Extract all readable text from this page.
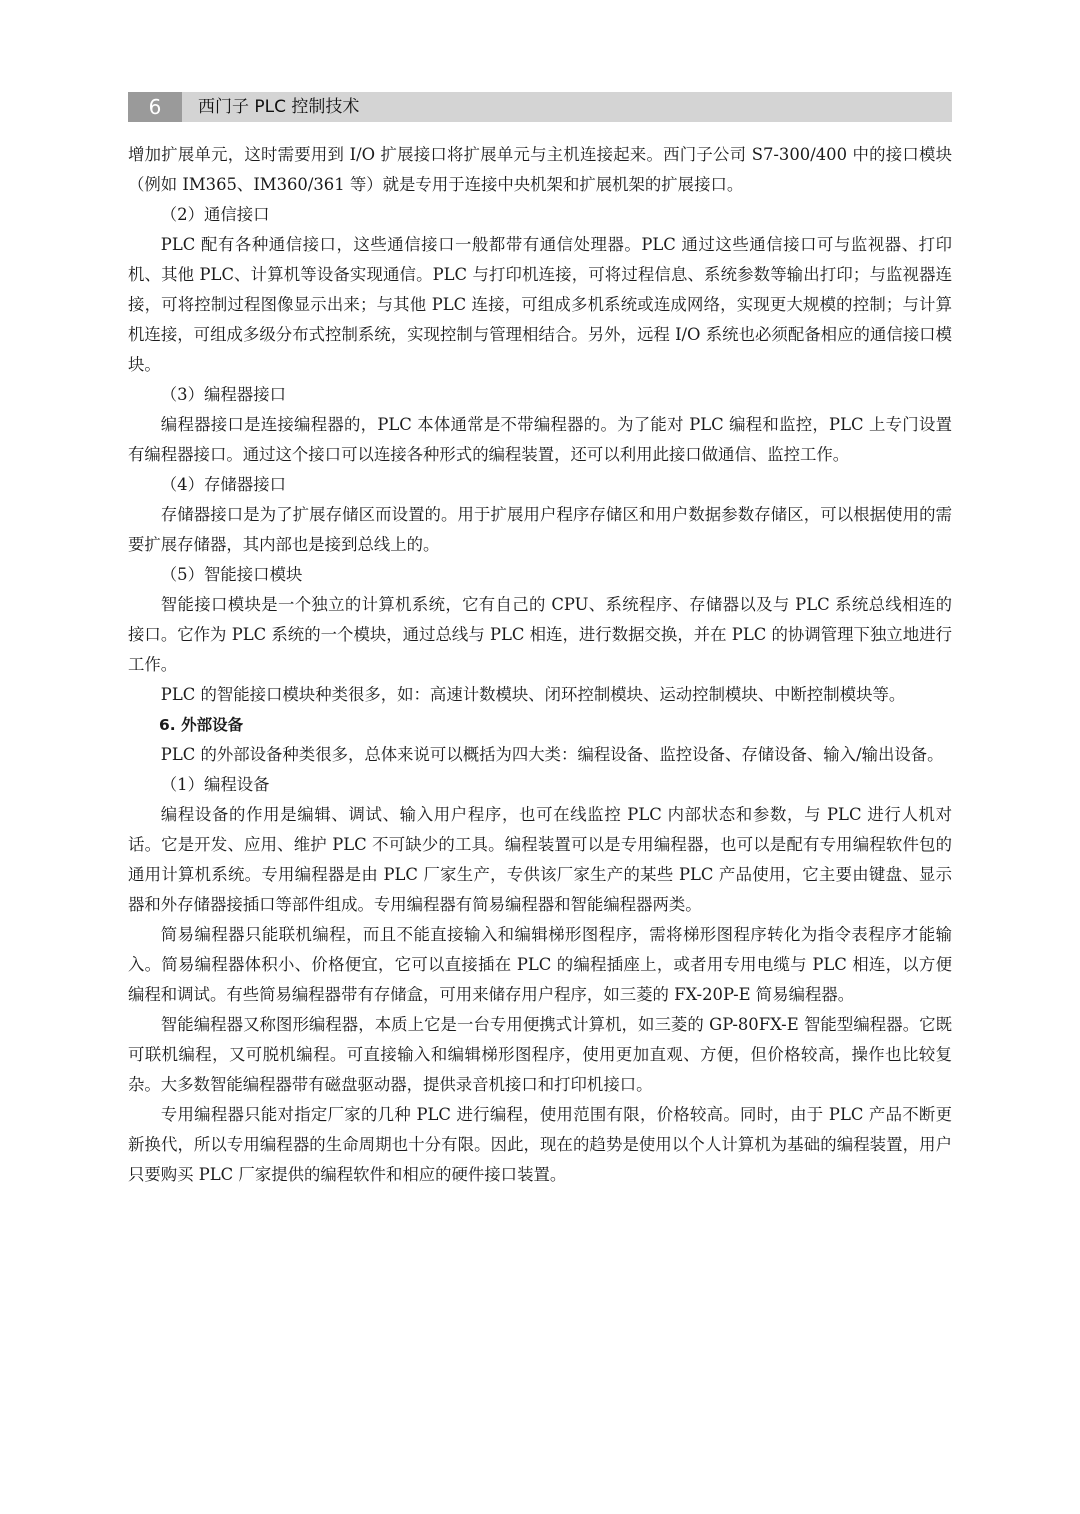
6	西门子 PLC 控制技术

增加扩展单元，这时需要用到 I/O 扩展接口将扩展单元与主机连接起来。西门子公司 S7-300/400 中的接口模块（例如 IM365、IM360/361 等）就是专用于连接中央机架和扩展机架的扩展接口。

（2）通信接口

PLC 配有各种通信接口，这些通信接口一般都带有通信处理器。PLC 通过这些通信接口可与监视器、打印机、其他 PLC、计算机等设备实现通信。PLC 与打印机连接，可将过程信息、系统参数等输出打印；与监视器连接，可将控制过程图像显示出来；与其他 PLC 连接，可组成多机系统或连成网络，实现更大规模的控制；与计算机连接，可组成多级分布式控制系统，实现控制与管理相结合。另外，远程 I/O 系统也必须配备相应的通信接口模块。

（3）编程器接口

编程器接口是连接编程器的，PLC 本体通常是不带编程器的。为了能对 PLC 编程和监控，PLC 上专门设置有编程器接口。通过这个接口可以连接各种形式的编程装置，还可以利用此接口做通信、监控工作。

（4）存储器接口

存储器接口是为了扩展存储区而设置的。用于扩展用户程序存储区和用户数据参数存储区，可以根据使用的需要扩展存储器，其内部也是接到总线上的。

（5）智能接口模块

智能接口模块是一个独立的计算机系统，它有自己的 CPU、系统程序、存储器以及与 PLC 系统总线相连的接口。它作为 PLC 系统的一个模块，通过总线与 PLC 相连，进行数据交换，并在 PLC 的协调管理下独立地进行工作。

PLC 的智能接口模块种类很多，如：高速计数模块、闭环控制模块、运动控制模块、中断控制模块等。

6. 外部设备

PLC 的外部设备种类很多，总体来说可以概括为四大类：编程设备、监控设备、存储设备、输入/输出设备。

（1）编程设备

编程设备的作用是编辑、调试、输入用户程序，也可在线监控 PLC 内部状态和参数，与 PLC 进行人机对话。它是开发、应用、维护 PLC 不可缺少的工具。编程装置可以是专用编程器，也可以是配有专用编程软件包的通用计算机系统。专用编程器是由 PLC 厂家生产，专供该厂家生产的某些 PLC 产品使用，它主要由键盘、显示器和外存储器接插口等部件组成。专用编程器有简易编程器和智能编程器两类。

简易编程器只能联机编程，而且不能直接输入和编辑梯形图程序，需将梯形图程序转化为指令表程序才能输入。简易编程器体积小、价格便宜，它可以直接插在 PLC 的编程插座上，或者用专用电缆与 PLC 相连，以方便编程和调试。有些简易编程器带有存储盒，可用来储存用户程序，如三菱的 FX-20P-E 简易编程器。

智能编程器又称图形编程器，本质上它是一台专用便携式计算机，如三菱的 GP-80FX-E 智能型编程器。它既可联机编程，又可脱机编程。可直接输入和编辑梯形图程序，使用更加直观、方便，但价格较高，操作也比较复杂。大多数智能编程器带有磁盘驱动器，提供录音机接口和打印机接口。

专用编程器只能对指定厂家的几种 PLC 进行编程，使用范围有限，价格较高。同时，由于 PLC 产品不断更新换代，所以专用编程器的生命周期也十分有限。因此，现在的趋势是使用以个人计算机为基础的编程装置，用户只要购买 PLC 厂家提供的编程软件和相应的硬件接口装置。
